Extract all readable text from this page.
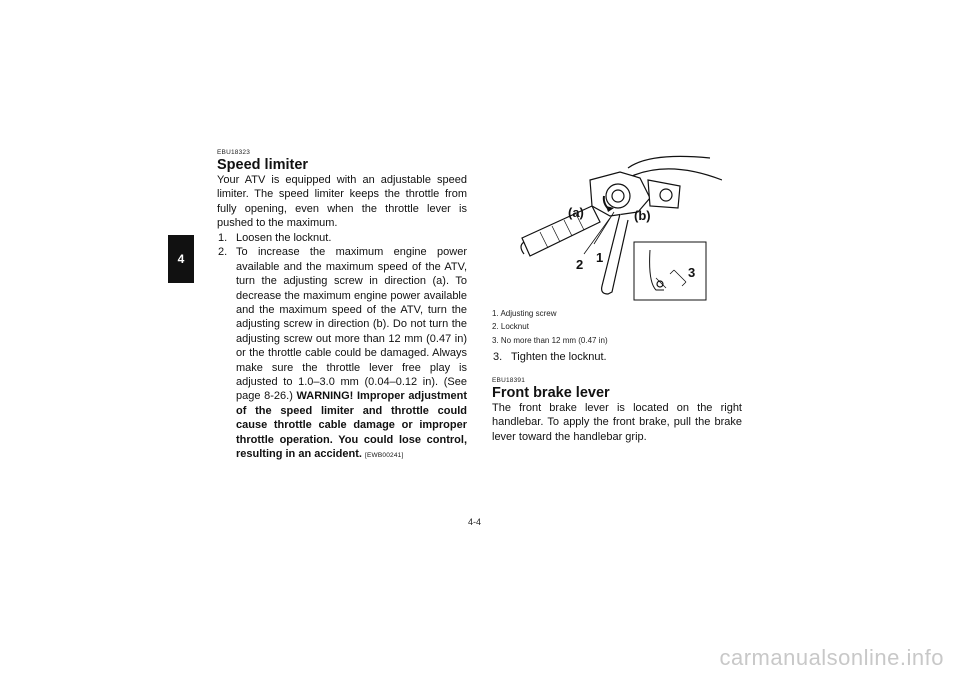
4
EBU18323
Speed limiter
Your ATV is equipped with an adjustable speed limiter. The speed limiter keeps the throttle from fully opening, even when the throttle lever is pushed to the maximum.
1. Loosen the locknut.
2. To increase the maximum engine power available and the maximum speed of the ATV, turn the adjusting screw in direction (a). To decrease the maximum engine power available and the maximum speed of the ATV, turn the adjusting screw in direction (b). Do not turn the adjusting screw out more than 12 mm (0.47 in) or the throttle cable could be damaged. Always make sure the throttle lever free play is adjusted to 1.0–3.0 mm (0.04–0.12 in). (See page 8-26.) WARNING! Improper adjustment of the speed limiter and throttle could cause throttle cable damage or improper throttle operation. You could lose control, resulting in an accident. [EWB00241]
(a)	(b)
1
2
3
1. Adjusting screw
2. Locknut
3. No more than 12 mm (0.47 in)
3. Tighten the locknut.
EBU18391
Front brake lever
The front brake lever is located on the right handlebar. To apply the front brake, pull the brake lever toward the handlebar grip.
4-4
carmanualsonline.info
